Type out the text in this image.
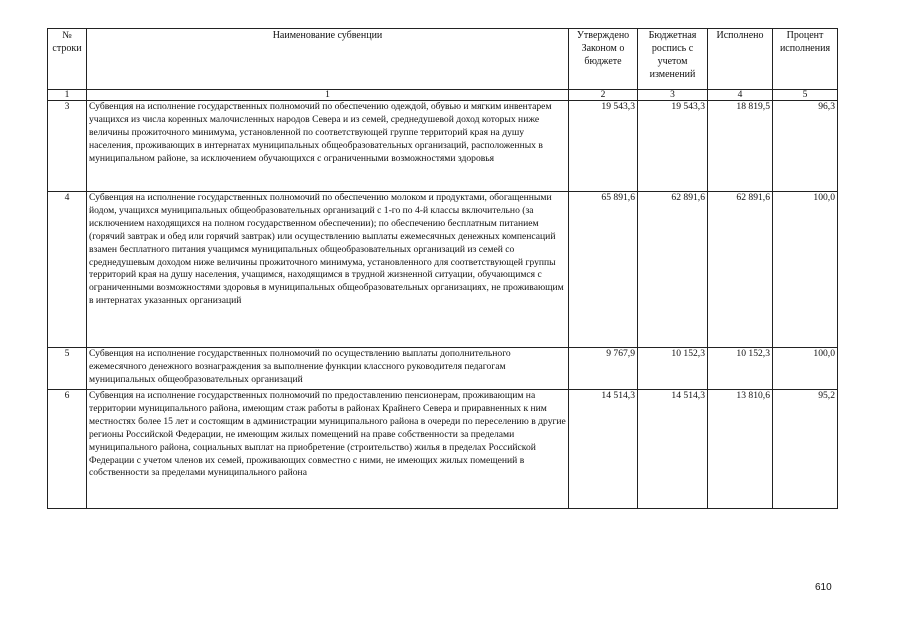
№ строки	Наименование субвенции	Утверждено Законом о бюджете	Бюджетная роспись с учетом изменений	Исполнено	Процент исполнения
1	1	2	3	4	5
3	Субвенция на исполнение государственных полномочий по обеспечению одеждой, обувью и мягким инвентарем учащихся из числа коренных малочисленных народов Севера и из семей, среднедушевой доход которых ниже величины прожиточного минимума, установленной по соответствующей группе территорий края на душу населения, проживающих в интернатах муниципальных общеобразовательных организаций, расположенных в муниципальном районе, за исключением обучающихся с ограниченными возможностями здоровья	19 543,3	19 543,3	18 819,5	96,3
4	Субвенция на исполнение государственных полномочий по обеспечению молоком и продуктами, обогащенными йодом, учащихся муниципальных общеобразовательных организаций с 1-го по 4-й классы включительно (за исключением находящихся на полном государственном обеспечении); по обеспечению бесплатным питанием (горячий завтрак и обед или горячий завтрак) или осуществлению выплаты ежемесячных денежных компенсаций взамен бесплатного питания учащимся муниципальных общеобразовательных организаций из семей со среднедушевым доходом ниже величины прожиточного минимума, установленного для соответствующей группы территорий края на душу населения, учащимся, находящимся в трудной жизненной ситуации, обучающимся с ограниченными возможностями здоровья в муниципальных общеобразовательных организациях, не проживающим в интернатах указанных организаций	65 891,6	62 891,6	62 891,6	100,0
5	Субвенция на исполнение государственных полномочий по осуществлению выплаты дополнительного ежемесячного денежного вознаграждения за выполнение функции классного руководителя педагогам муниципальных общеобразовательных организаций	9 767,9	10 152,3	10 152,3	100,0
6	Субвенция на исполнение государственных полномочий по предоставлению пенсионерам, проживающим на территории муниципального района, имеющим стаж работы в районах Крайнего Севера и приравненных к ним местностях более 15 лет и состоящим в администрации муниципального района в очереди по переселению в другие регионы Российской Федерации, не имеющим жилых помещений на праве собственности за пределами муниципального района, социальных выплат на приобретение (строительство) жилья в пределах Российской Федерации с учетом членов их семей, проживающих совместно с ними, не имеющих жилых помещений в собственности за пределами муниципального района	14 514,3	14 514,3	13 810,6	95,2
610
